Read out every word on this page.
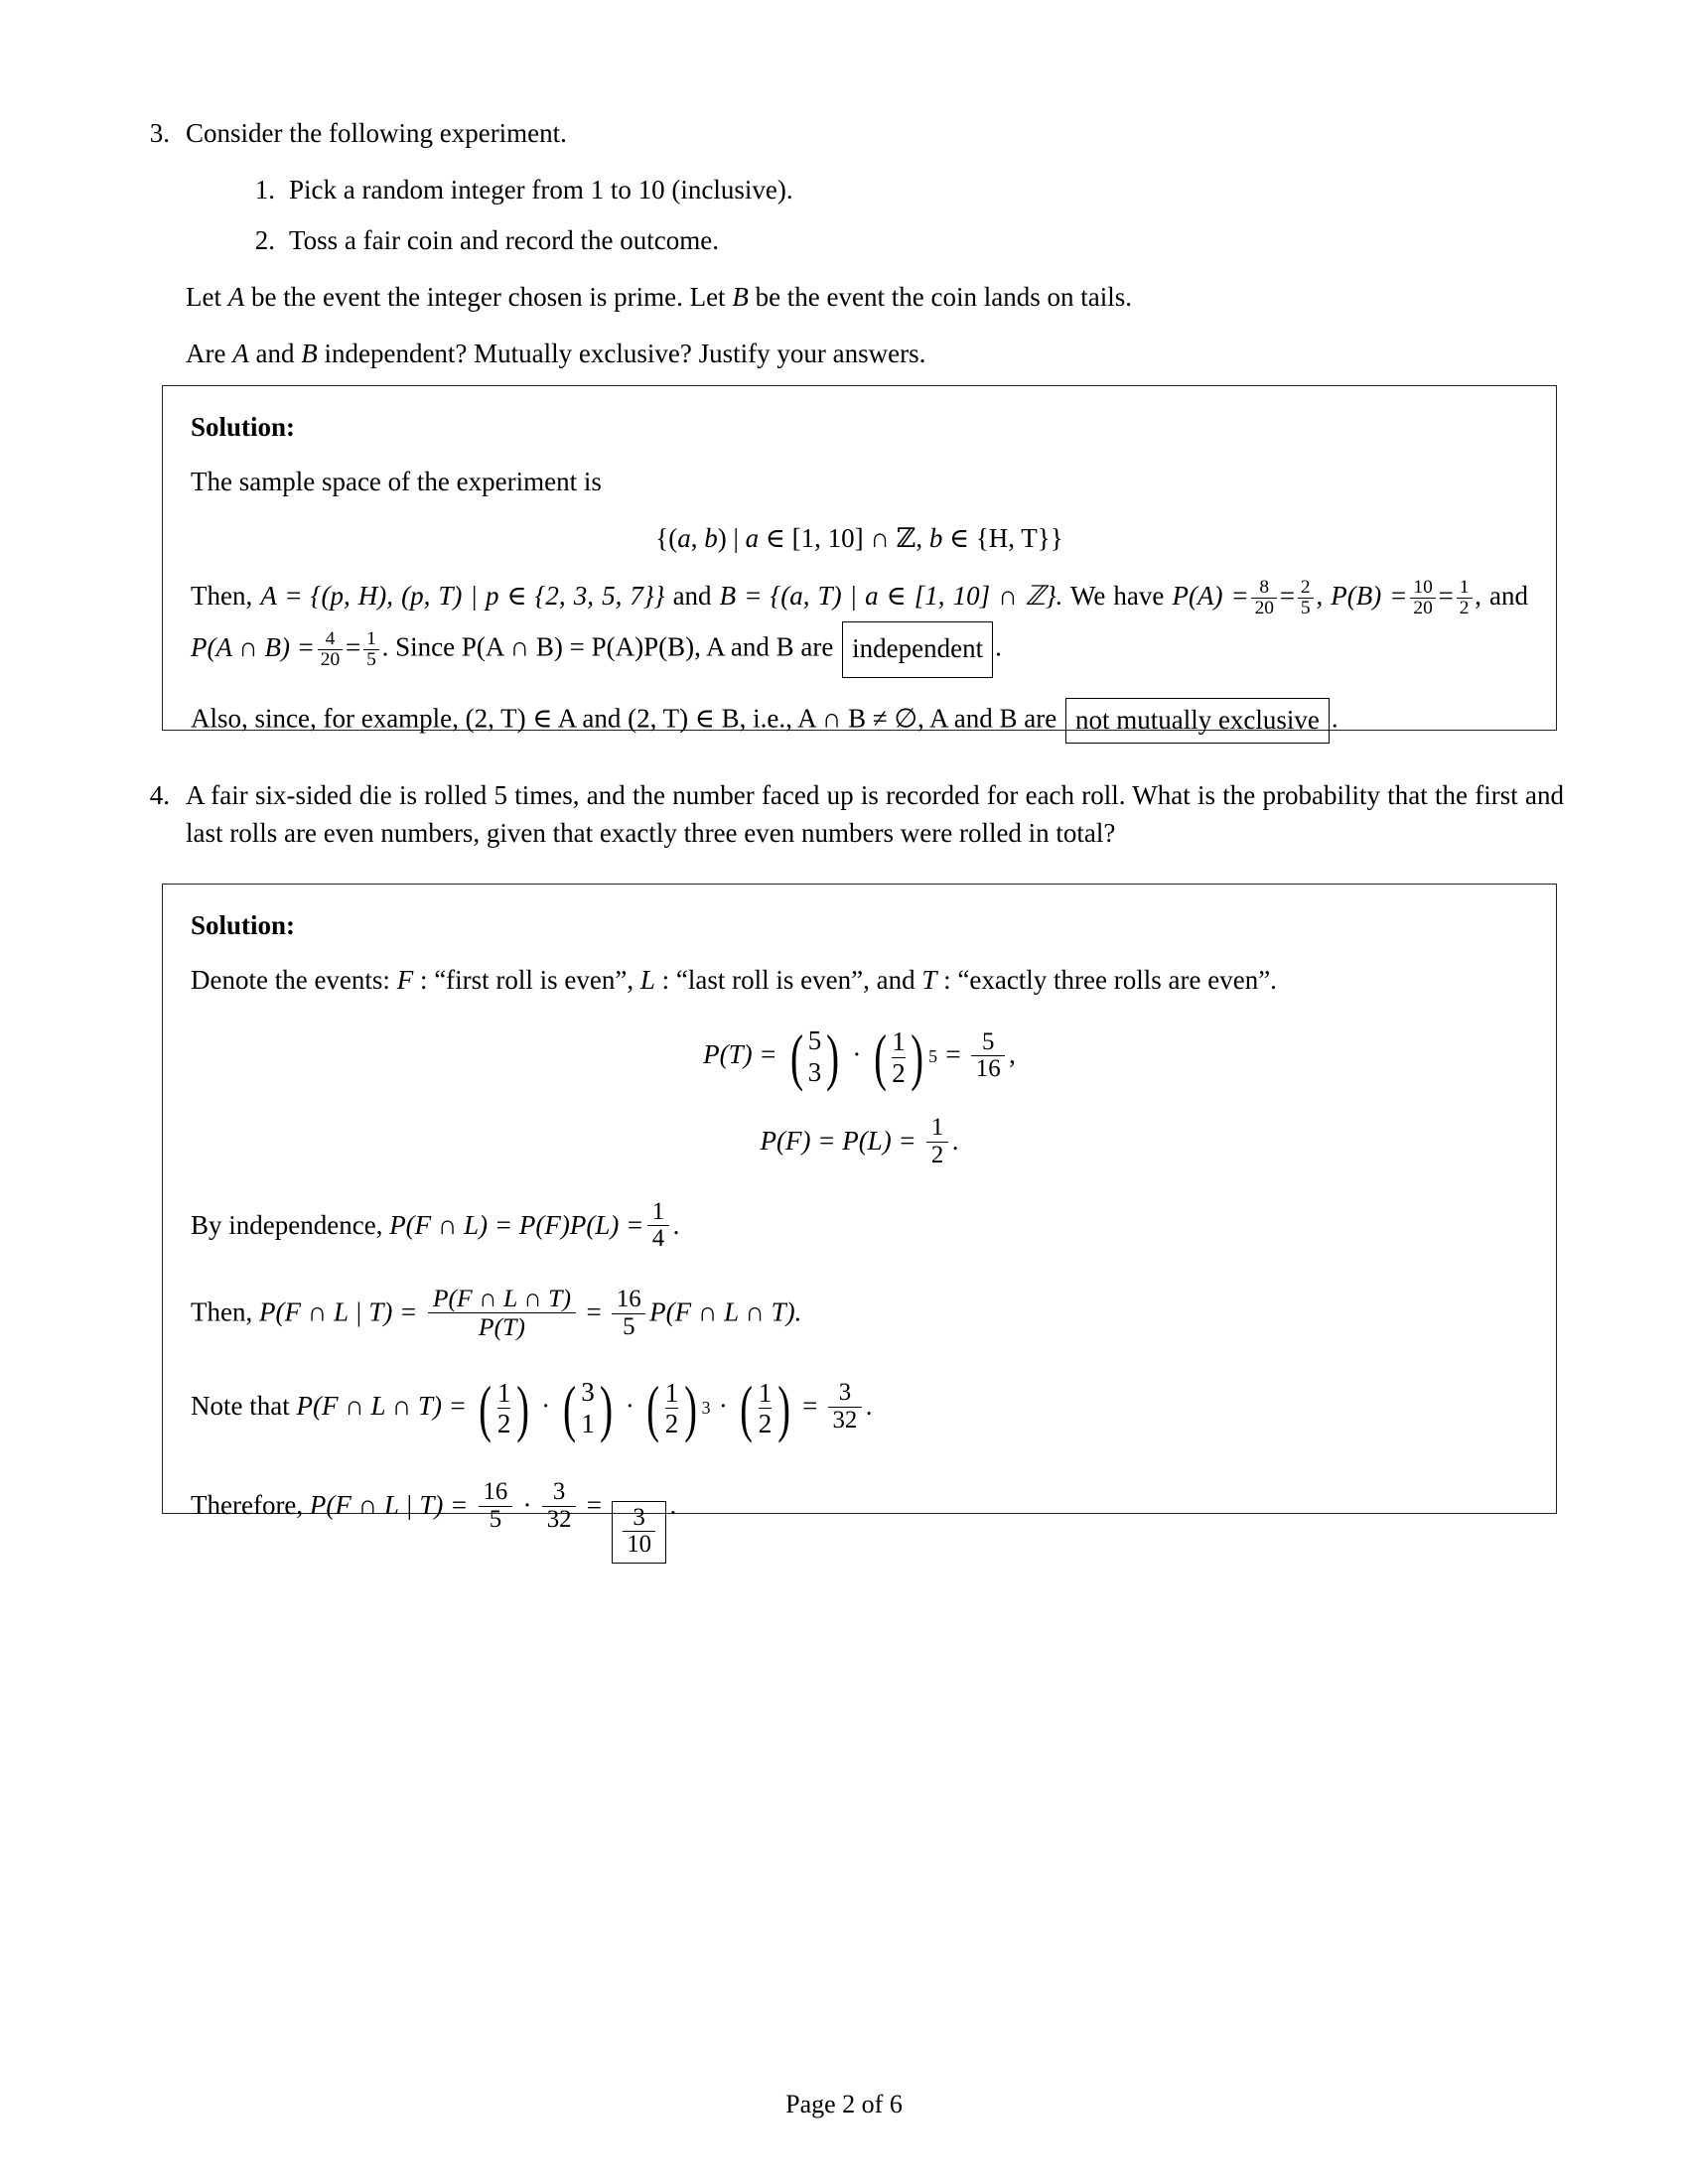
3. Consider the following experiment.
1. Pick a random integer from 1 to 10 (inclusive).
2. Toss a fair coin and record the outcome.
Let A be the event the integer chosen is prime. Let B be the event the coin lands on tails.
Are A and B independent? Mutually exclusive? Justify your answers.
Solution:
The sample space of the experiment is
{(a, b) | a ∈ [1, 10] ∩ ℤ, b ∈ {H, T}}
Then, A = {(p, H), (p, T) | p ∈ {2, 3, 5, 7}} and B = {(a, T) | a ∈ [1, 10] ∩ ℤ}. We have $P(A) = \frac{8}{20} = \frac{2}{5}$ , $P(B) = \frac{10}{20} = \frac{1}{2}$ , and P(A ∩ $B) = \frac{4}{20} = \frac{1}{5}$ . Since P(A ∩ B) = P(A)P(B), A and B are independent .
Also, since, for example, (2, T) ∈ A and (2, T) ∈ B, i.e., A ∩ B ≠ ∅, A and B are not mutually exclusive .
4. A fair six-sided die is rolled 5 times, and the number faced up is recorded for each roll. What is the probability that the first and last rolls are even numbers, given that exactly three even numbers were rolled in total?
Solution:
Denote the events: F : “first roll is even”, L : “last roll is even”, and T : “exactly three rolls are even”.
P(T) = ( 5
3 ) · ( $\frac{1}{2}$ ) $5 = \frac{5}{16}$ ,
$P(F) = P(L) = \frac{1}{2}$ .
By independence, P(F ∩ $L) = P(F)P(L) = \frac{1}{4}$ .
Then, P(F ∩ L | $T) = \frac{P(F \cap L \cap T)}{P(T)} = \frac{16}{5} P(F$ ∩ L ∩ T).
Note that P(F ∩ L ∩ T) = ( $\frac{1}{2}$ ) · ( 3
1 ) · ( $\frac{1}{2}$ ) 3 · ( $\frac{1}{2}$ ) = $\frac{3}{32}$ .
Therefore, P(F ∩ L | $T) = \frac{16}{5} \cdot \frac{3}{32} = \frac{3}{10}$ .
Page 2 of 6
